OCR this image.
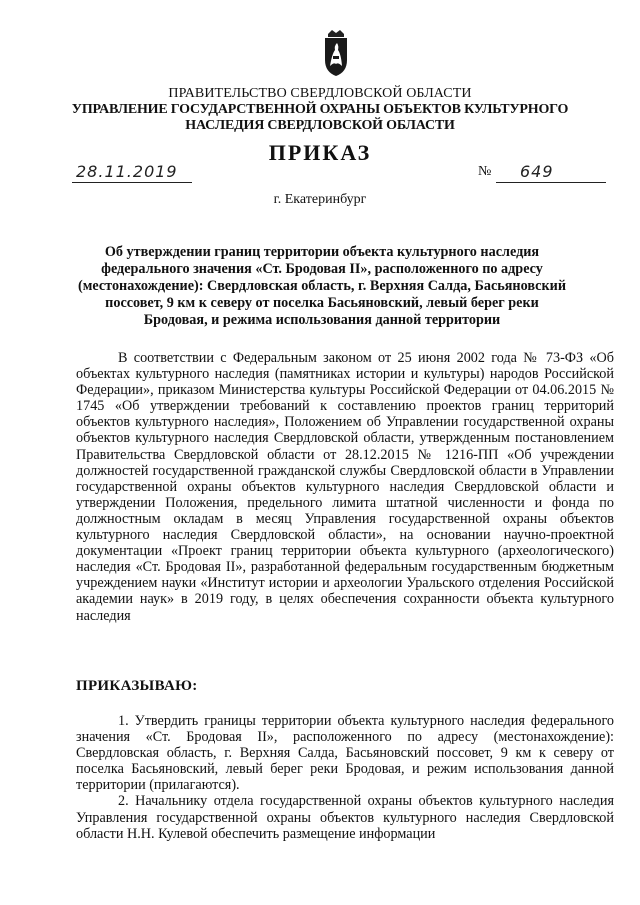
ПРАВИТЕЛЬСТВО СВЕРДЛОВСКОЙ ОБЛАСТИ
УПРАВЛЕНИЕ ГОСУДАРСТВЕННОЙ ОХРАНЫ ОБЪЕКТОВ КУЛЬТУРНОГО НАСЛЕДИЯ СВЕРДЛОВСКОЙ ОБЛАСТИ
ПРИКАЗ
28.11.2019	№ 649
г. Екатеринбург
Об утверждении границ территории объекта культурного наследия федерального значения «Ст. Бродовая II», расположенного по адресу (местонахождение): Свердловская область, г. Верхняя Салда, Басьяновский поссовет, 9 км к северу от поселка Басьяновский, левый берег реки Бродовая, и режима использования данной территории

В соответствии с Федеральным законом от 25 июня 2002 года № 73-ФЗ «Об объектах культурного наследия (памятниках истории и культуры) народов Российской Федерации», приказом Министерства культуры Российской Федерации от 04.06.2015 № 1745 «Об утверждении требований к составлению проектов границ территорий объектов культурного наследия», Положением об Управлении государственной охраны объектов культурного наследия Свердловской области, утвержденным постановлением Правительства Свердловской области от 28.12.2015 № 1216-ПП «Об учреждении должностей государственной гражданской службы Свердловской области в Управлении государственной охраны объектов культурного наследия Свердловской области и утверждении Положения, предельного лимита штатной численности и фонда по должностным окладам в месяц Управления государственной охраны объектов культурного наследия Свердловской области», на основании научно-проектной документации «Проект границ территории объекта культурного (археологического) наследия «Ст. Бродовая II», разработанной федеральным государственным бюджетным учреждением науки «Институт истории и археологии Уральского отделения Российской академии наук» в 2019 году, в целях обеспечения сохранности объекта культурного наследия

ПРИКАЗЫВАЮ:

1. Утвердить границы территории объекта культурного наследия федерального значения «Ст. Бродовая II», расположенного по адресу (местонахождение): Свердловская область, г. Верхняя Салда, Басьяновский поссовет, 9 км к северу от поселка Басьяновский, левый берег реки Бродовая, и режим использования данной территории (прилагаются).

2. Начальнику отдела государственной охраны объектов культурного наследия Управления государственной охраны объектов культурного наследия Свердловской области Н.Н. Кулевой обеспечить размещение информации
